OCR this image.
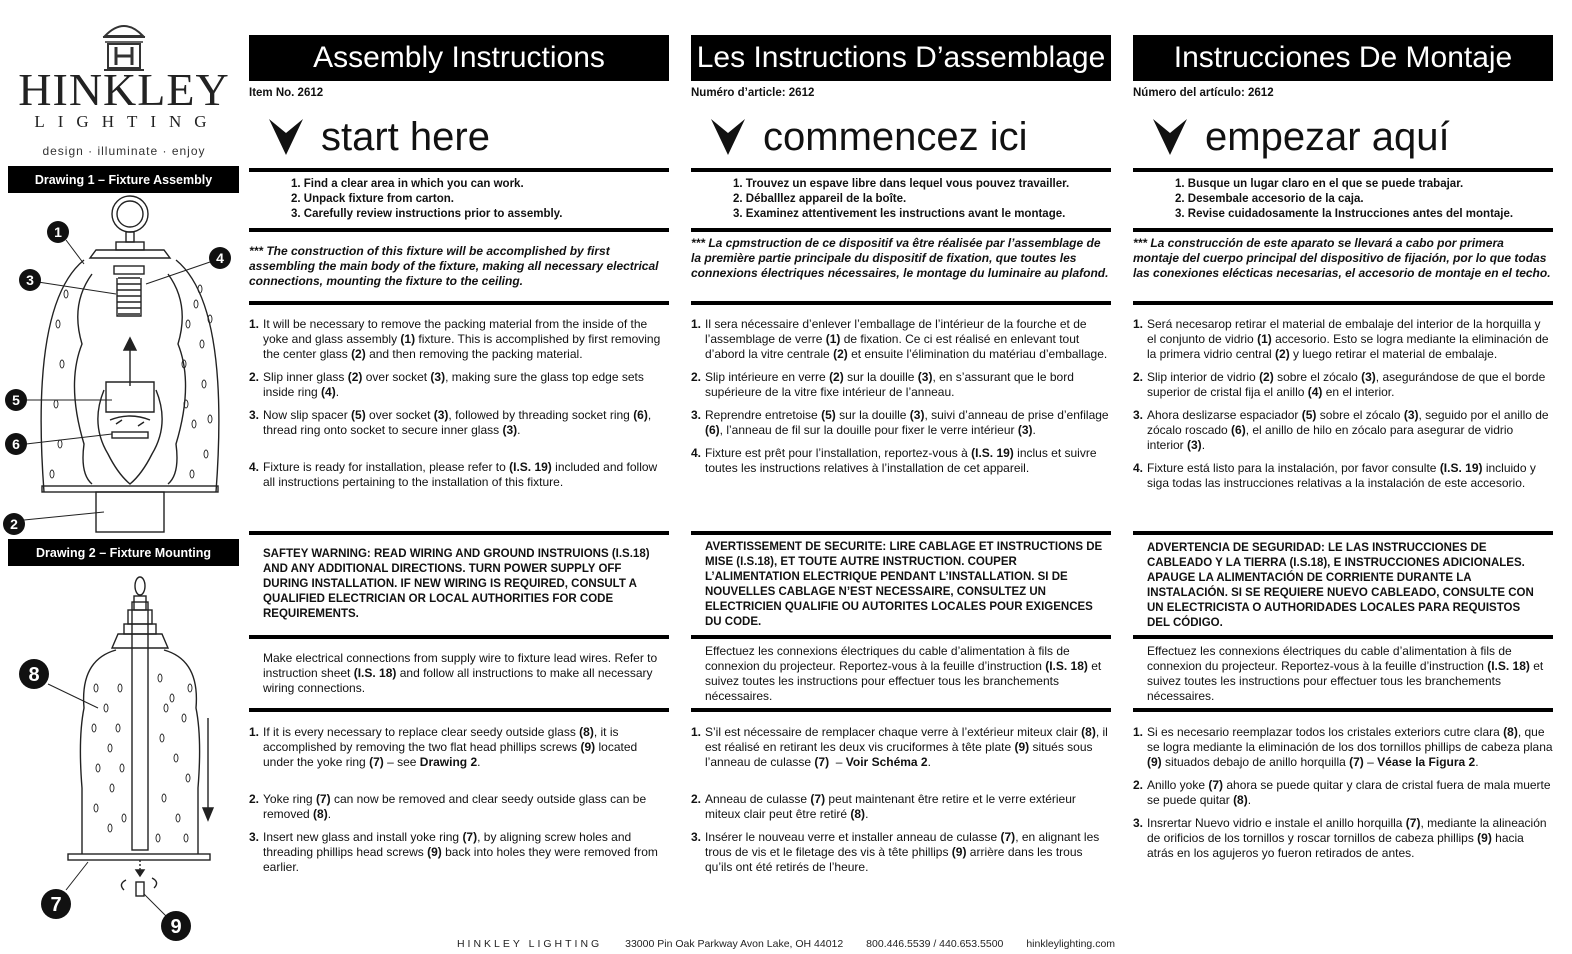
HINKLEY
LIGHTING
design · illuminate · enjoy
Drawing 1 – Fixture Assembly
1
3
4
5
6
2
Drawing 2 – Fixture Mounting
8
7
9
Assembly Instructions
Item No. 2612
start here
1. Find a clear area in which you can work.
2. Unpack fixture from carton.
3. Carefully review instructions prior to assembly.
*** The construction of this fixture will be accomplished by first assembling the main body of the fixture, making all necessary electrical connections, mounting the fixture to the ceiling.
1. It will be necessary to remove the packing material from the inside of the yoke and glass assembly (1) fixture. This is accomplished by first removing the center glass (2) and then removing the packing material.
2. Slip inner glass (2) over socket (3), making sure the glass top edge sets inside ring (4).
3. Now slip spacer (5) over socket (3), followed by threading socket ring (6), thread ring onto socket to secure inner glass (3).
4. Fixture is ready for installation, please refer to (I.S. 19) included and follow all instructions pertaining to the installation of this fixture.
SAFTEY WARNING: READ WIRING AND GROUND INSTRUIONS (I.S.18) AND ANY ADDITIONAL DIRECTIONS. TURN POWER SUPPLY OFF DURING INSTALLATION. IF NEW WIRING IS REQUIRED, CONSULT A QUALIFIED ELECTRICIAN OR LOCAL AUTHORITIES FOR CODE REQUIREMENTS.
Make electrical connections from supply wire to fixture lead wires. Refer to instruction sheet (I.S. 18) and follow all instructions to make all necessary wiring connections.
1. If it is every necessary to replace clear seedy outside glass (8), it is accomplished by removing the two flat head phillips screws (9) located under the yoke ring (7) – see Drawing 2.
2. Yoke ring (7) can now be removed and clear seedy outside glass can be removed (8).
3. Insert new glass and install yoke ring (7), by aligning screw holes and threading phillips head screws (9) back into holes they were removed from earlier.
Les Instructions D’assemblage
Numéro d’article: 2612
commencez ici
1. Trouvez un espave libre dans lequel vous pouvez travailler.
2. Déballlez appareil de la boîte.
3. Examinez attentivement les instructions avant le montage.
*** La cpmstruction de ce dispositif va être réalisée par l’assemblage de la première partie principale du dispositif de fixation, que toutes les connexions électriques nécessaires, le montage du luminaire au plafond.
1. Il sera nécessaire d’enlever l’emballage de l’intérieur de la fourche et de l’assemblage de verre (1) de fixation. Ce ci est réalisé en enlevant tout d’abord la vitre centrale (2) et ensuite l’élimination du matériau d’emballage.
2. Slip intérieure en verre (2) sur la douille (3), en s’assurant que le bord supérieure de la vitre fixe intérieur de l’anneau.
3. Reprendre entretoise (5) sur la douille (3), suivi d’anneau de prise d’enfilage (6), l’anneau de fil sur la douille pour fixer le verre intérieur (3).
4. Fixture est prêt pour l’installation, reportez-vous à (I.S. 19) inclus et suivre toutes les instructions relatives à l’installation de cet appareil.
AVERTISSEMENT DE SECURITE: LIRE CABLAGE ET INSTRUCTIONS DE MISE (I.S.18), ET TOUTE AUTRE INSTRUCTION. COUPER L’ALIMENTATION ELECTRIQUE PENDANT L’INSTALLATION. SI DE NOUVELLES CABLAGE N’EST NECESSAIRE, CONSULTEZ UN ELECTRICIEN QUALIFIE OU AUTORITES LOCALES POUR EXIGENCES DU CODE.
Effectuez les connexions électriques du cable d’alimentation à fils de connexion du projecteur. Reportez-vous à la feuille d’instruction (I.S. 18) et suivez toutes les instructions pour effectuer tous les branchements nécessaires.
1. S’il est nécessaire de remplacer chaque verre à l’extérieur miteux clair (8), il est réalisé en retirant les deux vis cruciformes à tête plate (9) situés sous l’anneau de culasse (7)  – Voir Schéma 2.
2. Anneau de culasse (7) peut maintenant être retire et le verre extérieur miteux clair peut être retiré (8).
3. Insérer le nouveau verre et installer anneau de culasse (7), en alignant les trous de vis et le filetage des vis à tête phillips (9) arrière dans les trous qu’ils ont été retirés de l’heure.
Instrucciones De Montaje
Número del artículo: 2612
empezar aquí
1. Busque un lugar claro en el que se puede trabajar.
2. Desembale accesorio de la caja.
3. Revise cuidadosamente la Instrucciones antes del montaje.
*** La construcción de este aparato se llevará a cabo por primera montaje del cuerpo principal del dispositivo de fijación, por lo que todas las conexiones elécticas necesarias, el accesorio de montaje en el techo.
1. Será necesarop retirar el material de embalaje del interior de la horquilla y el conjunto de vidrio (1) accesorio. Esto se logra mediante la eliminación de la primera vidrio central (2) y luego retirar el material de embalaje.
2. Slip interior de vidrio (2) sobre el zócalo (3), asegurándose de que el borde superior de cristal fija el anillo (4) en el interior.
3. Ahora deslizarse espaciador (5) sobre el zócalo (3), seguido por el anillo de zócalo roscado (6), el anillo de hilo en zócalo para asegurar de vidrio interior (3).
4. Fixture está listo para la instalación, por favor consulte (I.S. 19) incluido y siga todas las instrucciones relativas a la instalación de este accesorio.
ADVERTENCIA DE SEGURIDAD: LE LAS INSTRUCCIONES DE CABLEADO Y LA TIERRA (I.S.18), E INSTRUCCIONES ADICIONALES. APAUGE LA ALIMENTACIÓN DE CORRIENTE DURANTE LA INSTALACIÓN. SI SE REQUIERE NUEVO CABLEADO, CONSULTE CON UN ELECTRICISTA O AUTHORIDADES LOCALES PARA REQUISTOS DEL CÓDIGO.
Effectuez les connexions électriques du cable d’alimentation à fils de connexion du projecteur. Reportez-vous à la feuille d’instruction (I.S. 18) et suivez toutes les instructions pour effectuer tous les branchements nécessaires.
1. Si es necesario reemplazar todos los cristales exteriors cutre clara (8), que se logra mediante la eliminación de los dos tornillos phillips de cabeza plana (9) situados debajo de anillo horquilla (7) – Véase la Figura 2.
2. Anillo yoke (7) ahora se puede quitar y clara de cristal fuera de mala muerte se puede quitar (8).
3. Insrertar Nuevo vidrio e instale el anillo horquilla (7), mediante la alineación de orificios de los tornillos y roscar tornillos de cabeza phillips (9) hacia atrás en los agujeros yo fueron retirados de antes.
HINKLEY LIGHTING 33000 Pin Oak Parkway Avon Lake, OH 44012 800.446.5539 / 440.653.5500 hinkleylighting.com
